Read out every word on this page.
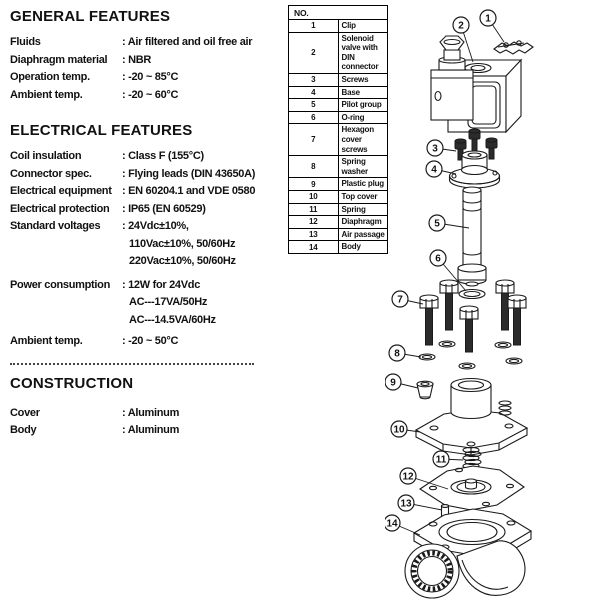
GENERAL FEATURES
Fluids	: Air filtered and oil free air
Diaphragm material	: NBR
Operation temp.	: -20 ~ 85°C
Ambient temp.	: -20 ~ 60°C
ELECTRICAL FEATURES
Coil insulation	: Class F (155°C)
Connector spec.	: Flying leads (DIN 43650A)
Electrical equipment : EN 60204.1 and VDE 0580
Electrical protection	: IP65 (EN 60529)
Standard voltages	: 24Vdc±10%,
110Vac±10%, 50/60Hz
220Vac±10%, 50/60Hz
Power consumption	: 12W for 24Vdc
AC---17VA/50Hz
AC---14.5VA/60Hz
Ambient temp.	: -20 ~ 50°C
CONSTRUCTION
Cover	: Aluminum
Body	: Aluminum
NO.	
1	Clip
2	Solenoid valve with DIN connector
3	Screws
4	Base
5	Pilot group
6	O-ring
7	Hexagon cover screws
8	Spring washer
9	Plastic plug
10	Top cover
11	Spring
12	Diaphragm
13	Air passage
14	Body
1
2
3
4
5
6
7
8
9
10
11
12
13
14
